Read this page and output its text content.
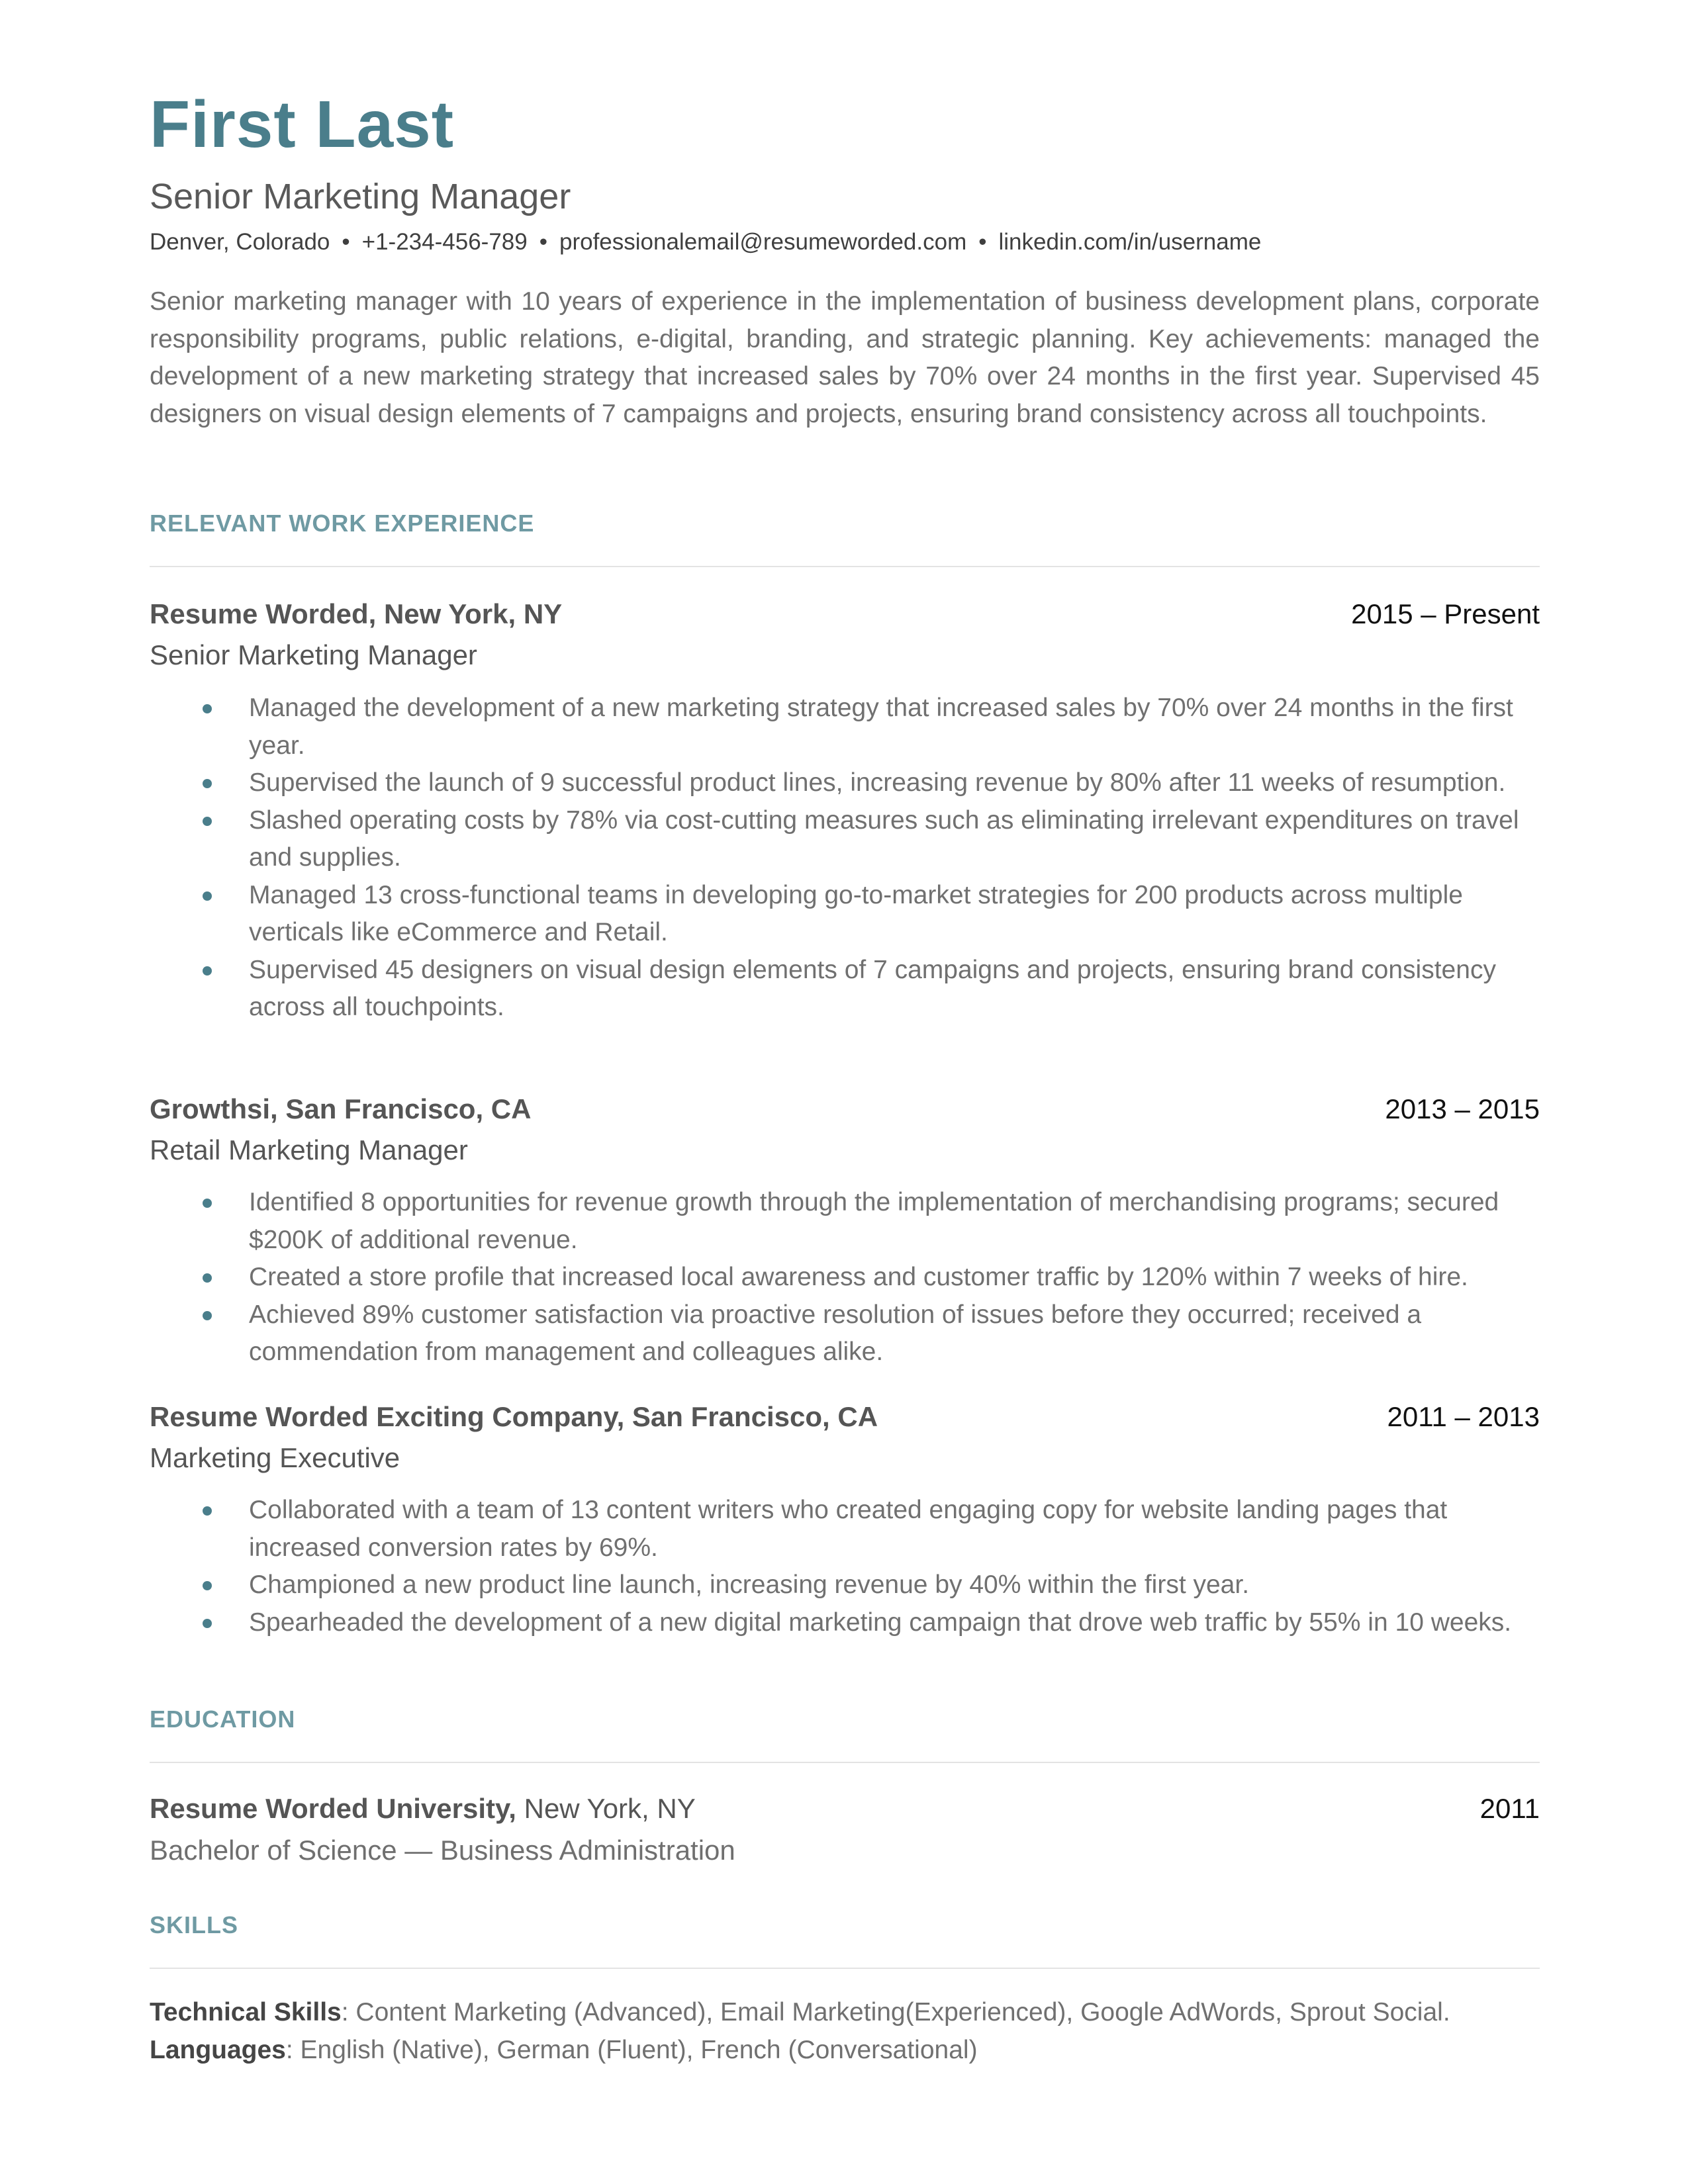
First Last
Senior Marketing Manager
Denver, Colorado • +1-234-456-789 • professionalemail@resumeworded.com • linkedin.com/in/username
Senior marketing manager with 10 years of experience in the implementation of business development plans, corporate responsibility programs, public relations, e-digital, branding, and strategic planning. Key achievements: managed the development of a new marketing strategy that increased sales by 70% over 24 months in the first year. Supervised 45 designers on visual design elements of 7 campaigns and projects, ensuring brand consistency across all touchpoints.
RELEVANT WORK EXPERIENCE
Resume Worded, New York, NY	2015 – Present
Senior Marketing Manager
Managed the development of a new marketing strategy that increased sales by 70% over 24 months in the first year.
Supervised the launch of 9 successful product lines, increasing revenue by 80% after 11 weeks of resumption.
Slashed operating costs by 78% via cost-cutting measures such as eliminating irrelevant expenditures on travel and supplies.
Managed 13 cross-functional teams in developing go-to-market strategies for 200 products across multiple verticals like eCommerce and Retail.
Supervised 45 designers on visual design elements of 7 campaigns and projects, ensuring brand consistency across all touchpoints.
Growthsi, San Francisco, CA	2013 – 2015
Retail Marketing Manager
Identified 8 opportunities for revenue growth through the implementation of merchandising programs; secured $200K of additional revenue.
Created a store profile that increased local awareness and customer traffic by 120% within 7 weeks of hire.
Achieved 89% customer satisfaction via proactive resolution of issues before they occurred; received a commendation from management and colleagues alike.
Resume Worded Exciting Company, San Francisco, CA	2011 – 2013
Marketing Executive
Collaborated with a team of 13 content writers who created engaging copy for website landing pages that increased conversion rates by 69%.
Championed a new product line launch, increasing revenue by 40% within the first year.
Spearheaded the development of a new digital marketing campaign that drove web traffic by 55% in 10 weeks.
EDUCATION
Resume Worded University, New York, NY	2011
Bachelor of Science — Business Administration
SKILLS
Technical Skills: Content Marketing (Advanced), Email Marketing(Experienced), Google AdWords, Sprout Social.
Languages: English (Native), German (Fluent), French (Conversational)
